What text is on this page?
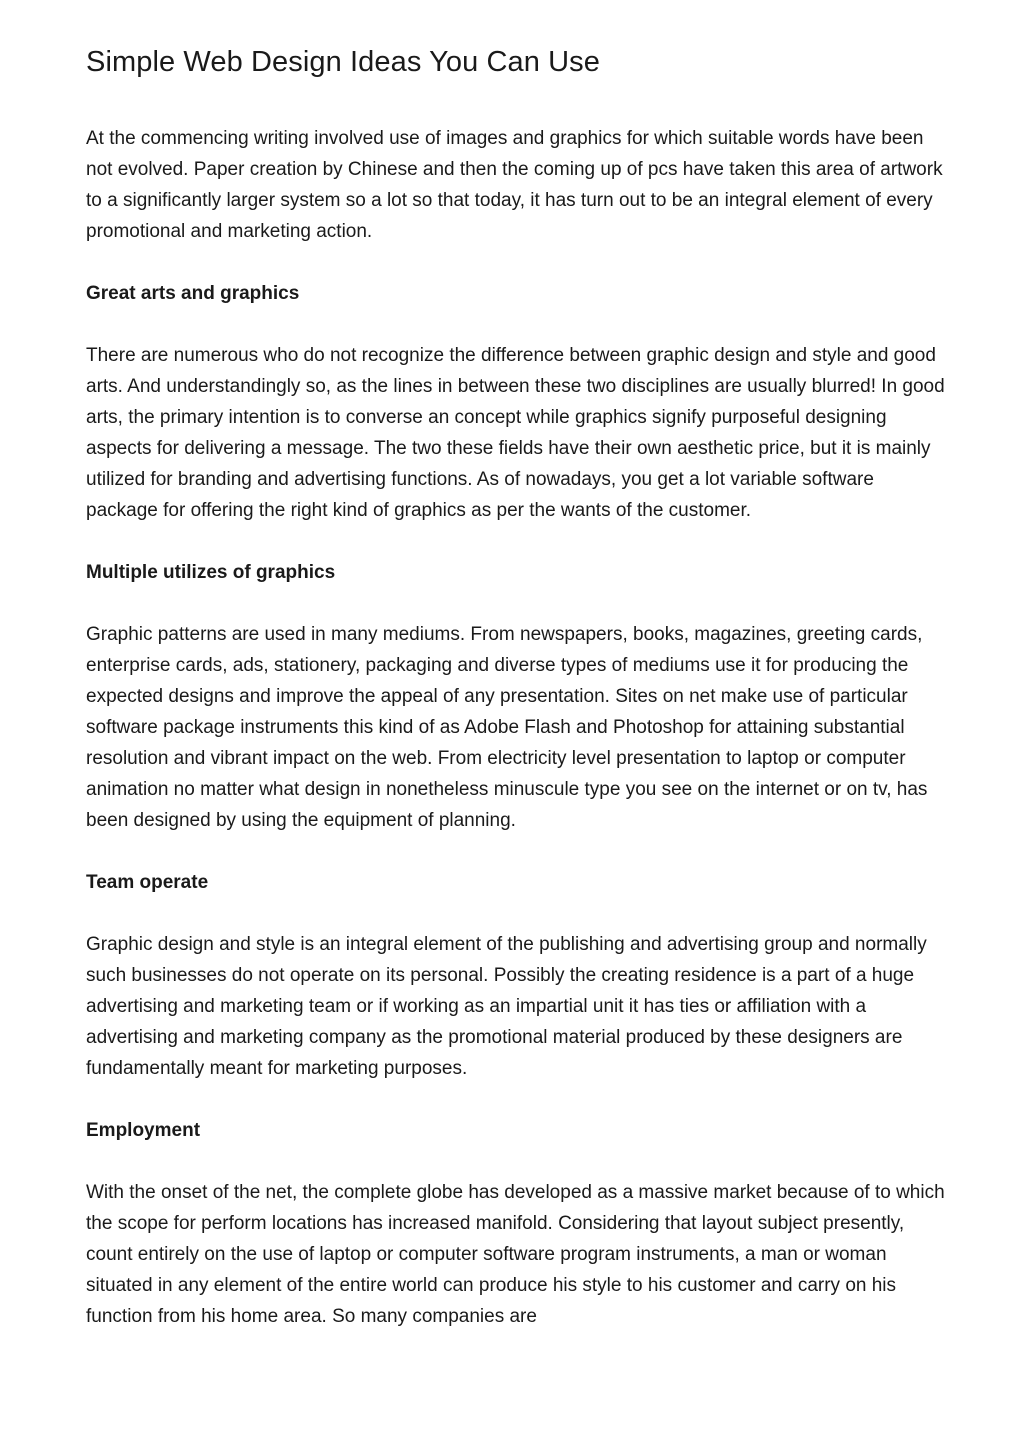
Simple Web Design Ideas You Can Use

At the commencing writing involved use of images and graphics for which suitable words have been not evolved. Paper creation by Chinese and then the coming up of pcs have taken this area of artwork to a significantly larger system so a lot so that today, it has turn out to be an integral element of every promotional and marketing action.

Great arts and graphics

There are numerous who do not recognize the difference between graphic design and style and good arts. And understandingly so, as the lines in between these two disciplines are usually blurred! In good arts, the primary intention is to converse an concept while graphics signify purposeful designing aspects for delivering a message. The two these fields have their own aesthetic price, but it is mainly utilized for branding and advertising functions. As of nowadays, you get a lot variable software package for offering the right kind of graphics as per the wants of the customer.

Multiple utilizes of graphics

Graphic patterns are used in many mediums. From newspapers, books, magazines, greeting cards, enterprise cards, ads, stationery, packaging and diverse types of mediums use it for producing the expected designs and improve the appeal of any presentation. Sites on net make use of particular software package instruments this kind of as Adobe Flash and Photoshop for attaining substantial resolution and vibrant impact on the web. From electricity level presentation to laptop or computer animation no matter what design in nonetheless minuscule type you see on the internet or on tv, has been designed by using the equipment of planning.

Team operate

Graphic design and style is an integral element of the publishing and advertising group and normally such businesses do not operate on its personal. Possibly the creating residence is a part of a huge advertising and marketing team or if working as an impartial unit it has ties or affiliation with a advertising and marketing company as the promotional material produced by these designers are fundamentally meant for marketing purposes.

Employment

With the onset of the net, the complete globe has developed as a massive market because of to which the scope for perform locations has increased manifold. Considering that layout subject presently, count entirely on the use of laptop or computer software program instruments, a man or woman situated in any element of the entire world can produce his style to his customer and carry on his function from his home area. So many companies are
